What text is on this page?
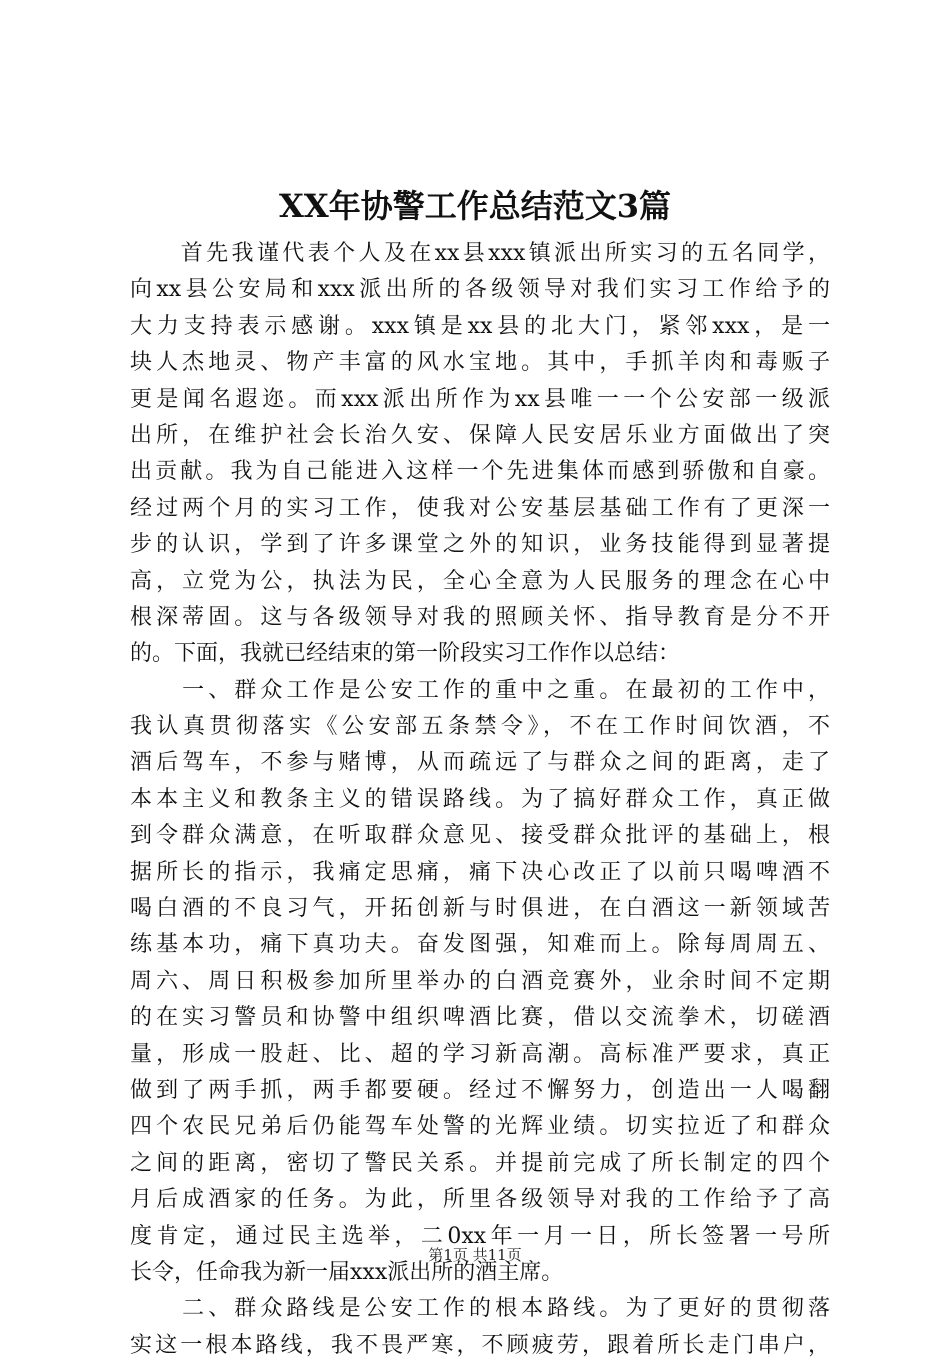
XX年协警工作总结范文3篇
　　首先我谨代表个人及在xx县xxx镇派出所实习的五名同学，
向xx县公安局和xxx派出所的各级领导对我们实习工作给予的
大力支持表示感谢。xxx镇是xx县的北大门，紧邻xxx，是一
块人杰地灵、物产丰富的风水宝地。其中，手抓羊肉和毒贩子
更是闻名遐迩。而xxx派出所作为xx县唯一一个公安部一级派
出所，在维护社会长治久安、保障人民安居乐业方面做出了突
出贡献。我为自己能进入这样一个先进集体而感到骄傲和自豪。
经过两个月的实习工作，使我对公安基层基础工作有了更深一
步的认识，学到了许多课堂之外的知识，业务技能得到显著提
高，立党为公，执法为民，全心全意为人民服务的理念在心中
根深蒂固。这与各级领导对我的照顾关怀、指导教育是分不开
的。下面，我就已经结束的第一阶段实习工作作以总结：
　　一、群众工作是公安工作的重中之重。在最初的工作中，
我认真贯彻落实《公安部五条禁令》，不在工作时间饮酒，不
酒后驾车，不参与赌博，从而疏远了与群众之间的距离，走了
本本主义和教条主义的错误路线。为了搞好群众工作，真正做
到令群众满意，在听取群众意见、接受群众批评的基础上，根
据所长的指示，我痛定思痛，痛下决心改正了以前只喝啤酒不
喝白酒的不良习气，开拓创新与时俱进，在白酒这一新领域苦
练基本功，痛下真功夫。奋发图强，知难而上。除每周周五、
周六、周日积极参加所里举办的白酒竞赛外，业余时间不定期
的在实习警员和协警中组织啤酒比赛，借以交流拳术，切磋酒
量，形成一股赶、比、超的学习新高潮。高标准严要求，真正
做到了两手抓，两手都要硬。经过不懈努力，创造出一人喝翻
四个农民兄弟后仍能驾车处警的光辉业绩。切实拉近了和群众
之间的距离，密切了警民关系。并提前完成了所长制定的四个
月后成酒家的任务。为此，所里各级领导对我的工作给予了高
度肯定，通过民主选举，二0xx年一月一日，所长签署一号所
长令，任命我为新一届xxx派出所的酒主席。
　　二、群众路线是公安工作的根本路线。为了更好的贯彻落
实这一根本路线，我不畏严寒，不顾疲劳，跟着所长走门串户，
第1页 共11页
